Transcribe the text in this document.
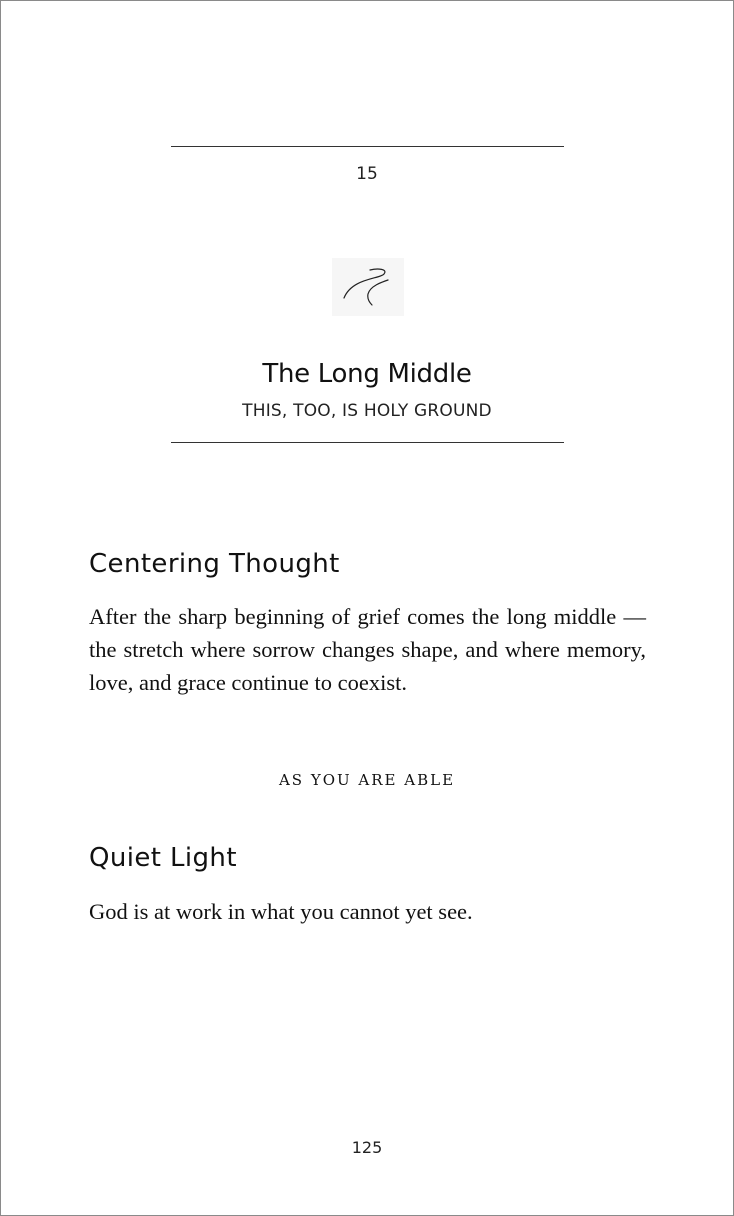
15
The Long Middle
THIS, TOO, IS HOLY GROUND
Centering Thought

After the sharp beginning of grief comes the long middle — the stretch where sorrow changes shape, and where memory, love, and grace continue to coexist.

AS YOU ARE ABLE
Quiet Light

God is at work in what you cannot yet see.

125
